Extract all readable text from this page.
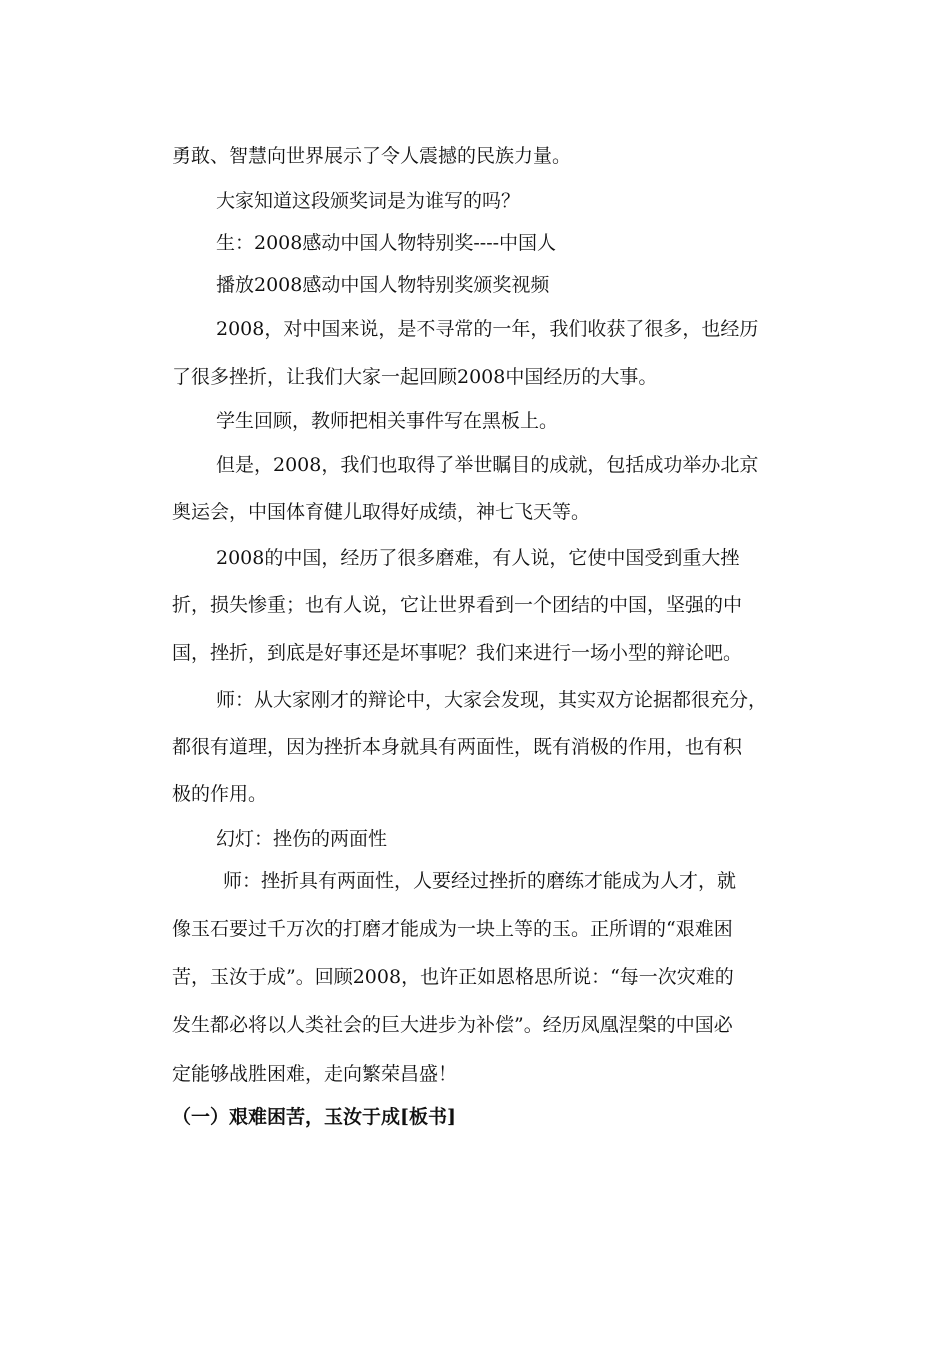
勇敢、智慧向世界展示了令人震撼的民族力量。
大家知道这段颁奖词是为谁写的吗？
生：2008感动中国人物特别奖----中国人
播放2008感动中国人物特别奖颁奖视频
2008，对中国来说，是不寻常的一年，我们收获了很多，也经历
了很多挫折，让我们大家一起回顾2008中国经历的大事。
学生回顾，教师把相关事件写在黑板上。
但是，2008，我们也取得了举世瞩目的成就，包括成功举办北京
奥运会，中国体育健儿取得好成绩，神七飞天等。
2008的中国，经历了很多磨难，有人说，它使中国受到重大挫
折，损失惨重；也有人说，它让世界看到一个团结的中国，坚强的中
国，挫折，到底是好事还是坏事呢？我们来进行一场小型的辩论吧。
师：从大家刚才的辩论中，大家会发现，其实双方论据都很充分，
都很有道理，因为挫折本身就具有两面性，既有消极的作用，也有积
极的作用。
幻灯：挫伤的两面性
师：挫折具有两面性，人要经过挫折的磨练才能成为人才，就
像玉石要过千万次的打磨才能成为一块上等的玉。正所谓的“艰难困
苦，玉汝于成”。回顾2008，也许正如恩格思所说：“每一次灾难的
发生都必将以人类社会的巨大进步为补偿”。经历凤凰涅槃的中国必
定能够战胜困难，走向繁荣昌盛！
（一）艰难困苦，玉汝于成[板书]
